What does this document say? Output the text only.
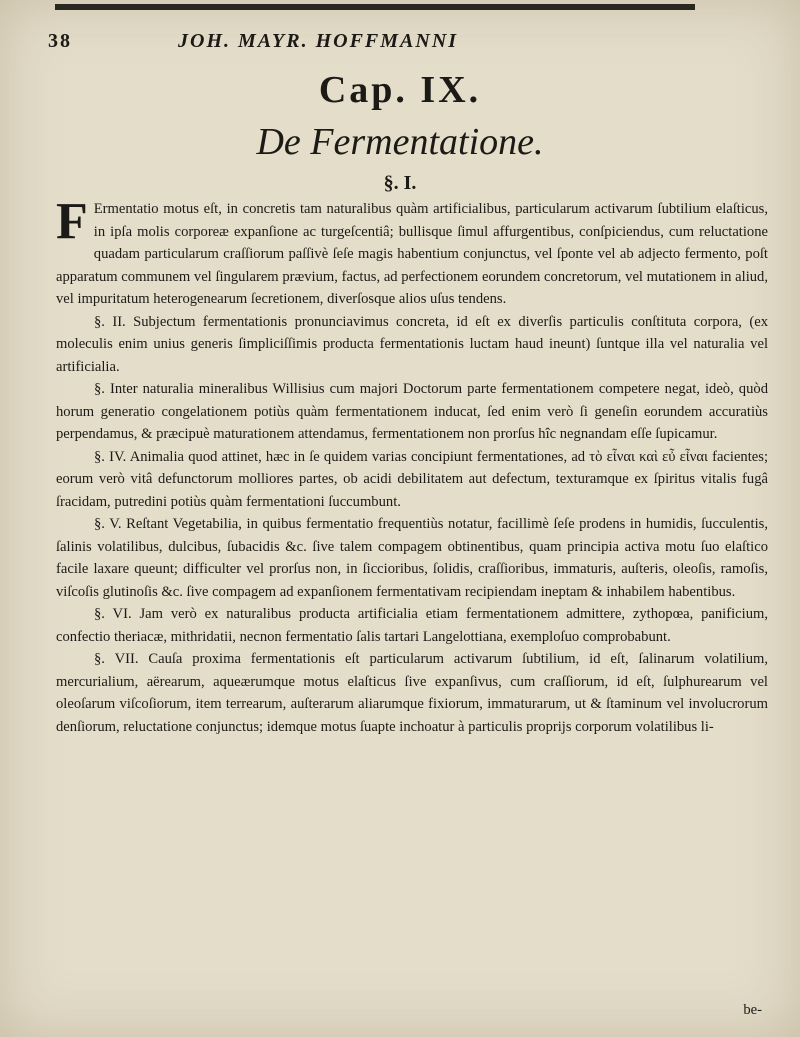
38	JOH. MAYR. HOFFMANNI
Cap. IX.
De Fermentatione.
§. I.

F Ermentatio motus eſt, in concretis tam naturalibus quàm artificialibus, particularum activarum ſubtilium elaſticus, in ipſa molis corporeæ expanſione ac turgeſcentiâ; bullisque ſimul affurgentibus, conſpiciendus, cum reluctatione quadam particularum craſſiorum paſſivè ſeſe magis habentium conjunctus, vel ſponte vel ab adjecto fermento, poſt apparatum communem vel ſingularem prævium, factus, ad perfectionem eorundem concretorum, vel mutationem in aliud, vel impuritatum heterogenearum ſecretionem, diverſosque alios uſus tendens.

§. II. Subjectum fermentationis pronunciavimus concreta, id eſt ex diverſis particulis conſtituta corpora, (ex moleculis enim unius generis ſimpliciſſimis producta fermentationis luctam haud ineunt) ſuntque illa vel naturalia vel artificialia.

§. Inter naturalia mineralibus Willisius cum majori Doctorum parte fermentationem competere negat, ideò, quòd horum generatio congelationem potiùs quàm fermentationem inducat, ſed enim verò ſi geneſin eorundem accuratiùs perpendamus, & præcipuè maturationem attendamus, fermentationem non prorſus hîc negnandam eſſe ſupicamur.

§. IV. Animalia quod attinet, hæc in ſe quidem varias concipiunt fermentationes, ad τὸ εἶναι καὶ εὖ εἶναι facientes; eorum verò vitâ defunctorum molliores partes, ob acidi debilitatem aut defectum, texturamque ex ſpiritus vitalis fugâ ſracidam, putredini potiùs quàm fermentationi ſuccumbunt.

§. V. Reſtant Vegetabilia, in quibus fermentatio frequentiùs notatur, facillimè ſeſe prodens in humidis, ſucculentis, ſalinis volatilibus, dulcibus, ſubacidis &c. ſive talem compagem obtinentibus, quam principia activa motu ſuo elaſtico facile laxare queunt; difficulter vel prorſus non, in ſiccioribus, ſolidis, craſſioribus, immaturis, auſteris, oleoſis, ramoſis, viſcoſis glutinoſis &c. ſive compagem ad expanſionem fermentativam recipiendam ineptam & inhabilem habentibus.

§. VI. Jam verò ex naturalibus producta artificialia etiam fermentationem admittere, zythopœa, panificium, confectio theriacæ, mithridatii, necnon fermentatio ſalis tartari Langelottiana, exemploſuo comprobabunt.

§. VII. Cauſa proxima fermentationis eſt particularum activarum ſubtilium, id eſt, ſalinarum volatilium, mercurialium, aërearum, aqueærumque motus elaſticus ſive expanſivus, cum craſſiorum, id eſt, ſulphurearum vel oleoſarum viſcoſiorum, item terrearum, auſterarum aliarumque fixiorum, immaturarum, ut & ſtaminum vel involucrorum denſiorum, reluctatione conjunctus; idemque motus ſuapte inchoatur à particulis proprijs corporum volatilibus li-

be-
